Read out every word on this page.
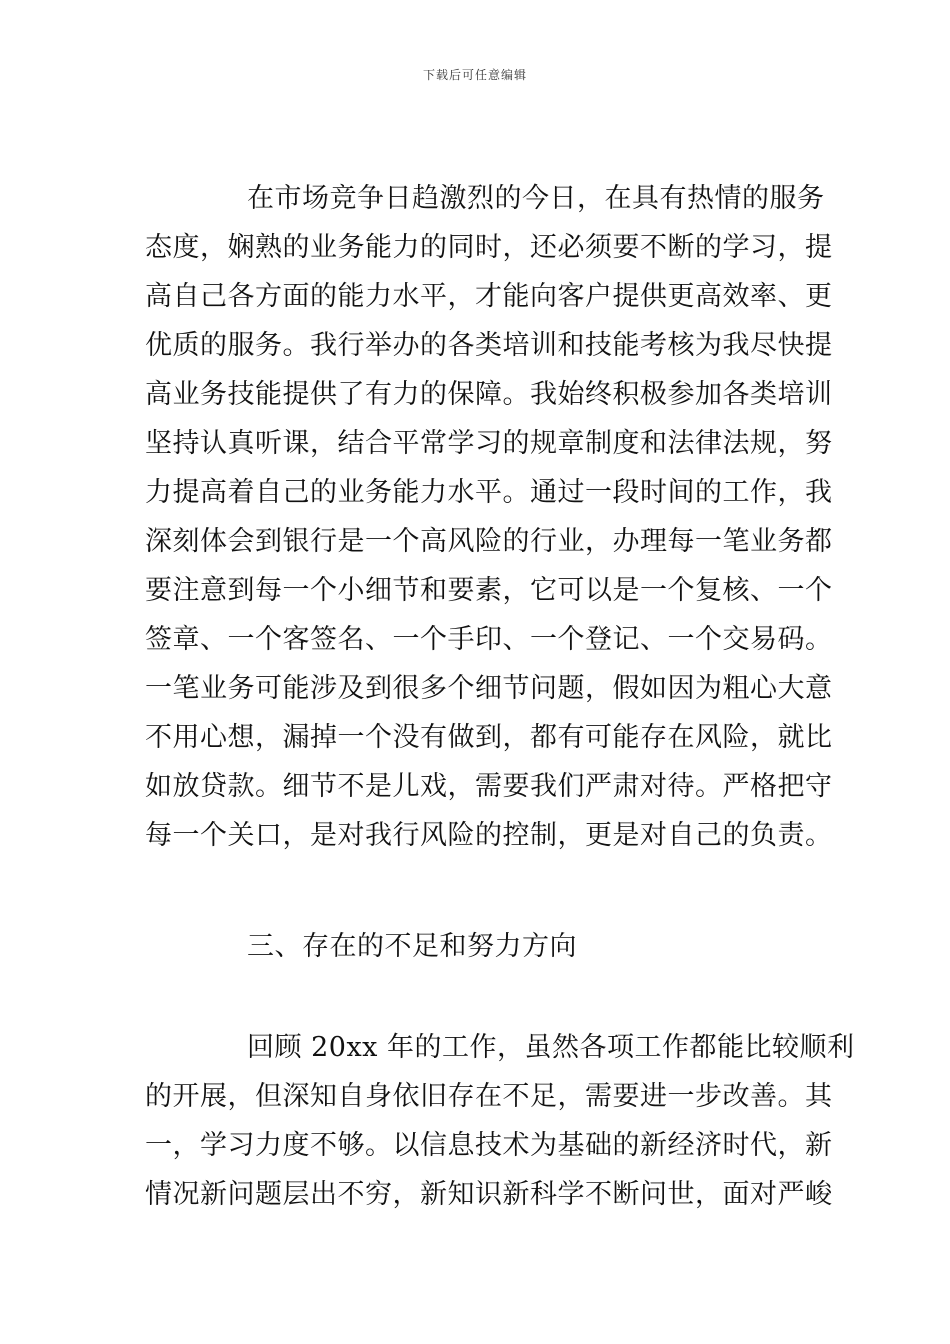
下载后可任意编辑
在市场竞争日趋激烈的今日，在具有热情的服务
态度，娴熟的业务能力的同时，还必须要不断的学习，提
高自己各方面的能力水平，才能向客户提供更高效率、更
优质的服务。我行举办的各类培训和技能考核为我尽快提
高业务技能提供了有力的保障。我始终积极参加各类培训
坚持认真听课，结合平常学习的规章制度和法律法规，努
力提高着自己的业务能力水平。通过一段时间的工作，我
深刻体会到银行是一个高风险的行业，办理每一笔业务都
要注意到每一个小细节和要素，它可以是一个复核、一个
签章、一个客签名、一个手印、一个登记、一个交易码。
一笔业务可能涉及到很多个细节问题，假如因为粗心大意
不用心想，漏掉一个没有做到，都有可能存在风险，就比
如放贷款。细节不是儿戏，需要我们严肃对待。严格把守
每一个关口，是对我行风险的控制，更是对自己的负责。
三、存在的不足和努力方向
回顾 20xx 年的工作，虽然各项工作都能比较顺利
的开展，但深知自身依旧存在不足，需要进一步改善。其
一，学习力度不够。以信息技术为基础的新经济时代，新
情况新问题层出不穷，新知识新科学不断问世，面对严峻
